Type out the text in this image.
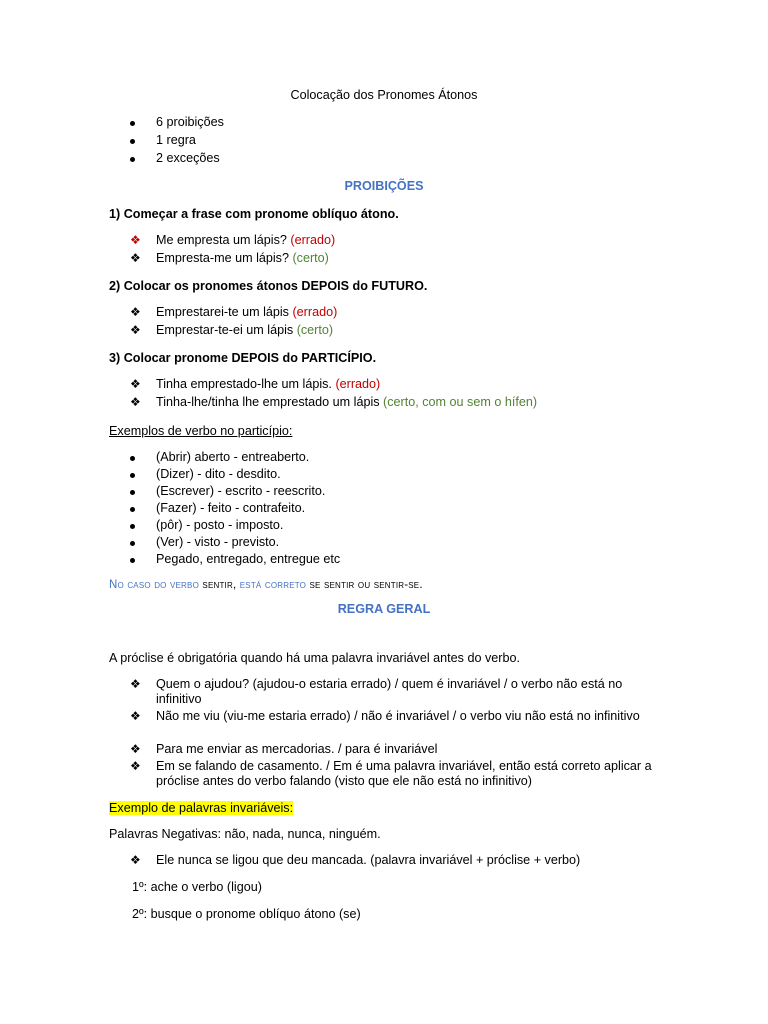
Colocação dos Pronomes Átonos
6 proibições
1 regra
2 exceções
PROIBIÇÕES
1) Começar a frase com pronome oblíquo átono.
❖ Me empresta um lápis? (errado)
❖ Empresta-me um lápis? (certo)
2) Colocar os pronomes átonos DEPOIS do FUTURO.
❖ Emprestarei-te um lápis (errado)
❖ Emprestar-te-ei um lápis (certo)
3) Colocar pronome DEPOIS do PARTICÍPIO.
❖ Tinha emprestado-lhe um lápis. (errado)
❖ Tinha-lhe/tinha lhe emprestado um lápis (certo, com ou sem o hífen)
Exemplos de verbo no particípio:
(Abrir) aberto - entreaberto.
(Dizer) - dito - desdito.
(Escrever) - escrito - reescrito.
(Fazer) - feito - contrafeito.
(pôr) - posto - imposto.
(Ver) - visto - previsto.
Pegado, entregado, entregue etc
No caso do verbo sentir, está correto se sentir ou sentir-se.
REGRA GERAL
A próclise é obrigatória quando há uma palavra invariável antes do verbo.
❖ Quem o ajudou? (ajudou-o estaria errado) / quem é invariável / o verbo não está no infinitivo
❖ Não me viu (viu-me estaria errado) / não é invariável / o verbo viu não está no infinitivo
❖ Para me enviar as mercadorias. / para é invariável
❖ Em se falando de casamento. / Em é uma palavra invariável, então está correto aplicar a próclise antes do verbo falando (visto que ele não está no infinitivo)
Exemplo de palavras invariáveis:
Palavras Negativas: não, nada, nunca, ninguém.
❖ Ele nunca se ligou que deu mancada. (palavra invariável + próclise + verbo)
1º: ache o verbo (ligou)
2º: busque o pronome oblíquo átono (se)
